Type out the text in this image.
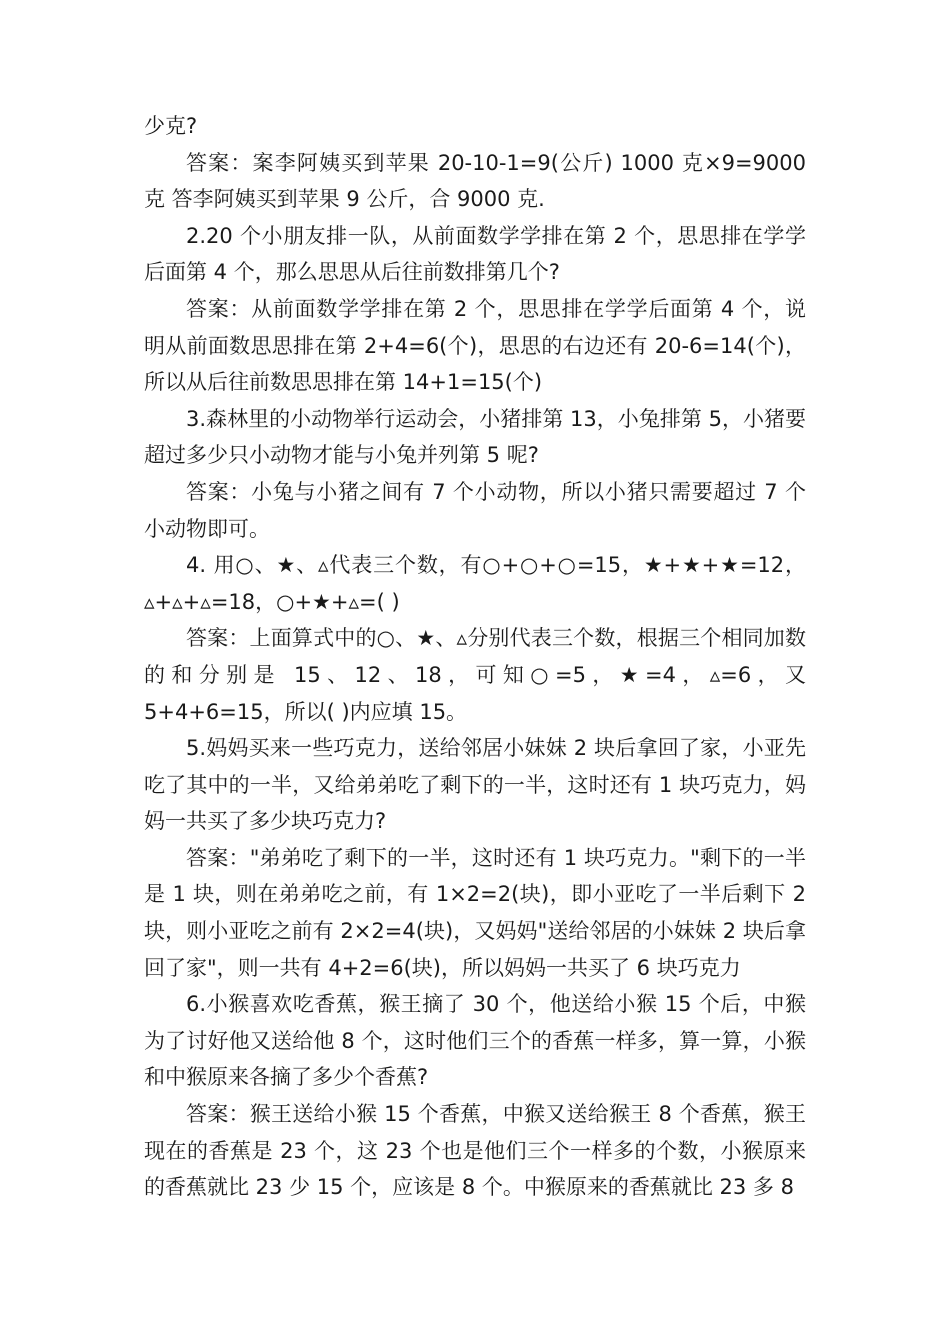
少克?

答案：案李阿姨买到苹果 20-10-1=9(公斤) 1000 克×9=9000 克 答李阿姨买到苹果 9 公斤，合 9000 克.

2.20 个小朋友排一队，从前面数学学排在第 2 个，思思排在学学后面第 4 个，那么思思从后往前数排第几个?

答案：从前面数学学排在第 2 个，思思排在学学后面第 4 个，说明从前面数思思排在第 2+4=6(个)，思思的右边还有 20-6=14(个)，所以从后往前数思思排在第 14+1=15(个)

3.森林里的小动物举行运动会，小猪排第 13，小兔排第 5，小猪要超过多少只小动物才能与小兔并列第 5 呢?

答案：小兔与小猪之间有 7 个小动物，所以小猪只需要超过 7 个小动物即可。

4. 用○、★、▵代表三个数，有○+○+○=15，★+★+★=12，▵+▵+▵=18，○+★+▵=( )

答案：上面算式中的○、★、▵分别代表三个数，根据三个相同加数的和分别是 15、12、18，可知○=5，★=4，▵=6，又 5+4+6=15，所以( )内应填 15。

5.妈妈买来一些巧克力，送给邻居小妹妹 2 块后拿回了家，小亚先吃了其中的一半，又给弟弟吃了剩下的一半，这时还有 1 块巧克力，妈妈一共买了多少块巧克力?

答案："弟弟吃了剩下的一半，这时还有 1 块巧克力。"剩下的一半是 1 块，则在弟弟吃之前，有 1×2=2(块)，即小亚吃了一半后剩下 2 块，则小亚吃之前有 2×2=4(块)，又妈妈"送给邻居的小妹妹 2 块后拿回了家"，则一共有 4+2=6(块)，所以妈妈一共买了 6 块巧克力

6.小猴喜欢吃香蕉，猴王摘了 30 个，他送给小猴 15 个后，中猴为了讨好他又送给他 8 个，这时他们三个的香蕉一样多，算一算，小猴和中猴原来各摘了多少个香蕉?

答案：猴王送给小猴 15 个香蕉，中猴又送给猴王 8 个香蕉，猴王现在的香蕉是 23 个，这 23 个也是他们三个一样多的个数，小猴原来的香蕉就比 23 少 15 个，应该是 8 个。中猴原来的香蕉就比 23 多 8
